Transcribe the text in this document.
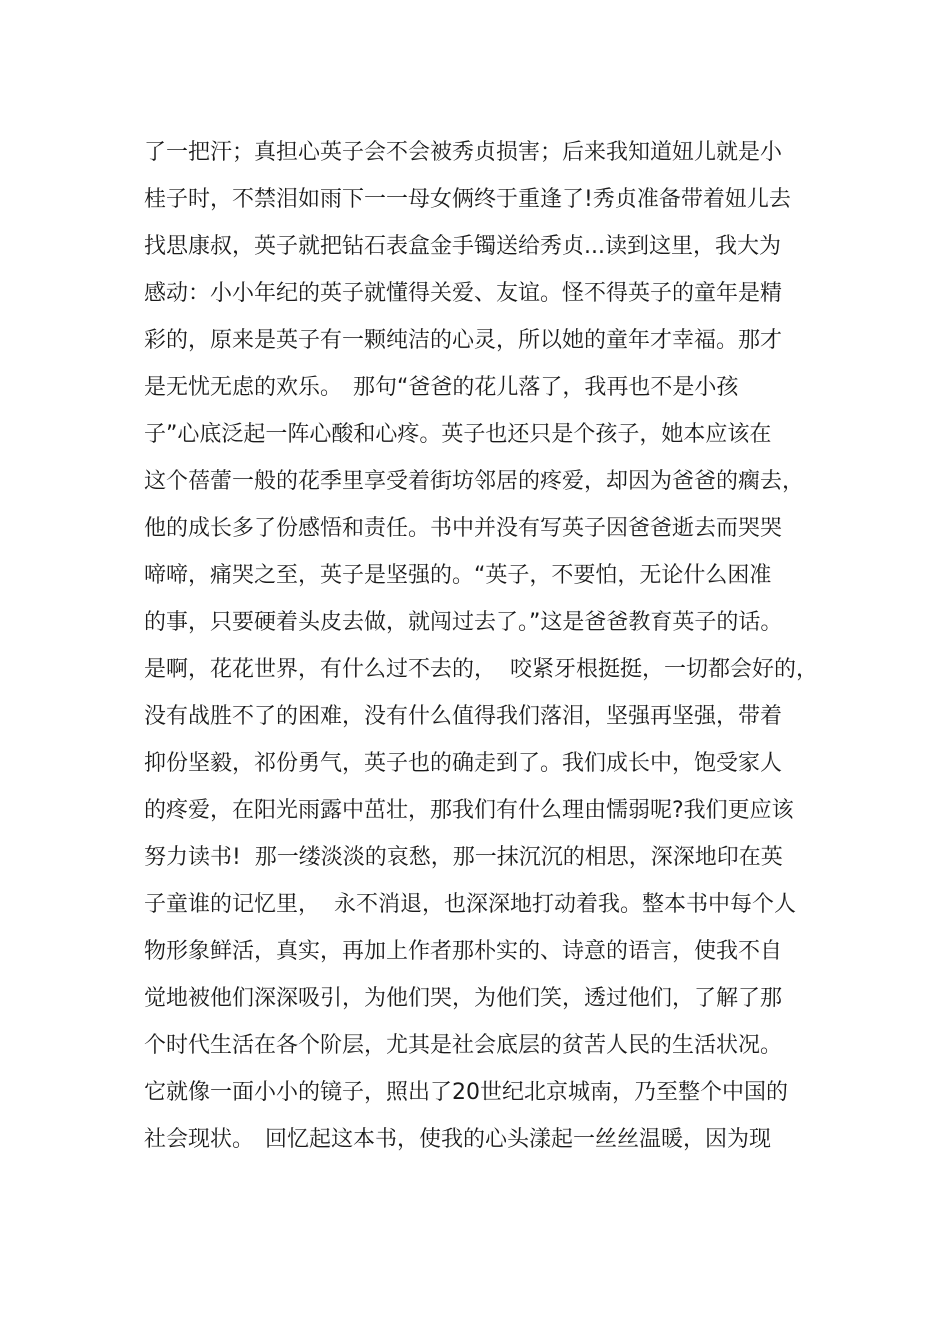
了一把汗；真担心英子会不会被秀贞损害；后来我知道妞儿就是小
桂子时，不禁泪如雨下一一母女俩终于重逢了!秀贞准备带着妞儿去
找思康叔，英子就把钻石表盒金手镯送给秀贞...读到这里，我大为
感动：小小年纪的英子就懂得关爱、友谊。怪不得英子的童年是精
彩的，原来是英子有一颗纯洁的心灵，所以她的童年才幸福。那才
是无忧无虑的欢乐。　那句“爸爸的花儿落了，我再也不是小孩
子”心底泛起一阵心酸和心疼。英子也还只是个孩子，她本应该在
这个蓓蕾一般的花季里享受着街坊邻居的疼爱，却因为爸爸的瘸去，
他的成长多了份感悟和责任。书中并没有写英子因爸爸逝去而哭哭
啼啼，痛哭之至，英子是坚强的。“英子，不要怕，无论什么困准
的事，只要硬着头皮去做，就闯过去了。”这是爸爸教育英子的话。
是啊，花花世界，有什么过不去的，  咬紧牙根挺挺，一切都会好的，
没有战胜不了的困难，没有什么值得我们落泪，坚强再坚强，带着
抑份坚毅，祁份勇气，英子也的确走到了。我们成长中，饱受家人
的疼爱，在阳光雨露中茁壮，那我们有什么理由懦弱呢?我们更应该
努力读书!  那一缕淡淡的哀愁，那一抹沉沉的相思，深深地印在英
子童谁的记忆里，  永不消退，也深深地打动着我。整本书中每个人
物形象鲜活，真实，再加上作者那朴实的、诗意的语言，使我不自
觉地被他们深深吸引，为他们哭，为他们笑，透过他们，了解了那
个时代生活在各个阶层，尤其是社会底层的贫苦人民的生活状况。
它就像一面小小的镜子，照出了20世纪北京城南，乃至整个中国的
社会现状。　回忆起这本书，使我的心头漾起一丝丝温暖，因为现
